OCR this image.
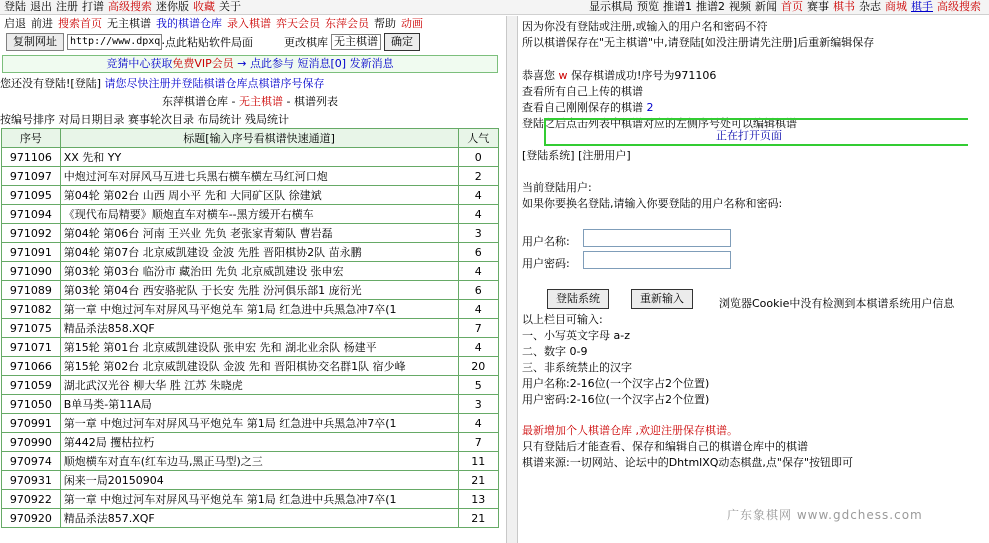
登陆 退出 注册 打谱 高级搜索 迷你版 收藏 关于	显示棋局 预览 推谱1 推谱2 视频 新闻 首页 赛事 棋书 杂志 商城 棋手 高级搜索
启退 前进 搜索首页 无主棋谱 我的棋谱仓库 录入棋谱 弈天会员 东萍会员 帮助 动画
复制网址	http://www.dpxq.
点此粘贴软件局面	更改棋库 无主棋谱	确定
竞猜中心获取免费VIP会员 → 点此参与 短消息[0] 发新消息
您还没有登陆![登陆] 请您尽快注册并登陆棋谱仓库点棋谱序号保存
东萍棋谱仓库 - 无主棋谱 - 棋谱列表
按编号排序 对局日期目录 赛事轮次目录 布局统计 残局统计
序号	标题[输入序号看棋谱快速通道]	人气
971106	XX 先和 YY	0
971097	中炮过河车对屏风马互进七兵黑右横车横左马红河口炮	2
971095	第04轮 第02台 山西 周小平 先和 大同矿区队 徐建斌	4
971094	《现代布局精要》顺炮直车对横车--黑方缓开右横车	4
971092	第04轮 第06台 河南 王兴业 先负 老张家青菊队 曹岩磊	3
971091	第04轮 第07台 北京威凯建设 金波 先胜 晋阳棋协2队 苗永鹏	6
971090	第03轮 第03台 临汾市 藏治田 先负 北京威凯建设 张申宏	4
971089	第03轮 第04台 西安骆驼队 于长安 先胜 汾河俱乐部1 庞衍光	6
971082	第一章 中炮过河车对屏风马平炮兑车 第1局 红急进中兵黑急冲7卒(1	4
971075	精品杀法858.XQF	7
971071	第15轮 第01台 北京威凯建设队 张申宏 先和 湖北业余队 杨建平	4
971066	第15轮 第02台 北京威凯建设队 金波 先和 晋阳棋协交名群1队 宿少峰	20
971059	湖北武汉光谷 柳大华 胜 江苏 朱晓虎	5
971050	B单马类-第11A局	3
970991	第一章 中炮过河车对屏风马平炮兑车 第1局 红急进中兵黑急冲7卒(1	4
970990	第442局 攫枯拉朽	7
970974	顺炮横车对直车(红车边马,黑正马型)之三	11
970931	闲来一局20150904	21
970922	第一章 中炮过河车对屏风马平炮兑车 第1局 红急进中兵黑急冲7卒(1	13
970920	精品杀法857.XQF	21
因为你没有登陆或注册,或输入的用户名和密码不符
所以棋谱保存在"无主棋谱"中,请登陆[如没注册请先注册]后重新编辑保存
恭喜您 w 保存棋谱成功!序号为971106
查看所有自己上传的棋谱
查看自己刚刚保存的棋谱 2
登陆之后点击列表中棋谱对应的左侧序号处可以编辑棋谱
正在打开页面
[登陆系统] [注册用户]
当前登陆用户:
如果你要换名登陆,请输入你要登陆的用户名称和密码:
用户名称:
用户密码:
登陆系统	重新输入	浏览器Cookie中没有检测到本棋谱系统用户信息
以上栏目可输入:
一、小写英文字母 a-z
二、数字 0-9
三、非系统禁止的汉字
用户名称:2-16位(一个汉字占2个位置)
用户密码:2-16位(一个汉字占2个位置)
最新增加个人棋谱仓库 ,欢迎注册保存棋谱。
只有登陆后才能查看、保存和编辑自己的棋谱仓库中的棋谱
棋谱来源:一切网站、论坛中的DhtmlXQ动态棋盘,点"保存"按钮即可
广东象棋网 www.gdchess.com
